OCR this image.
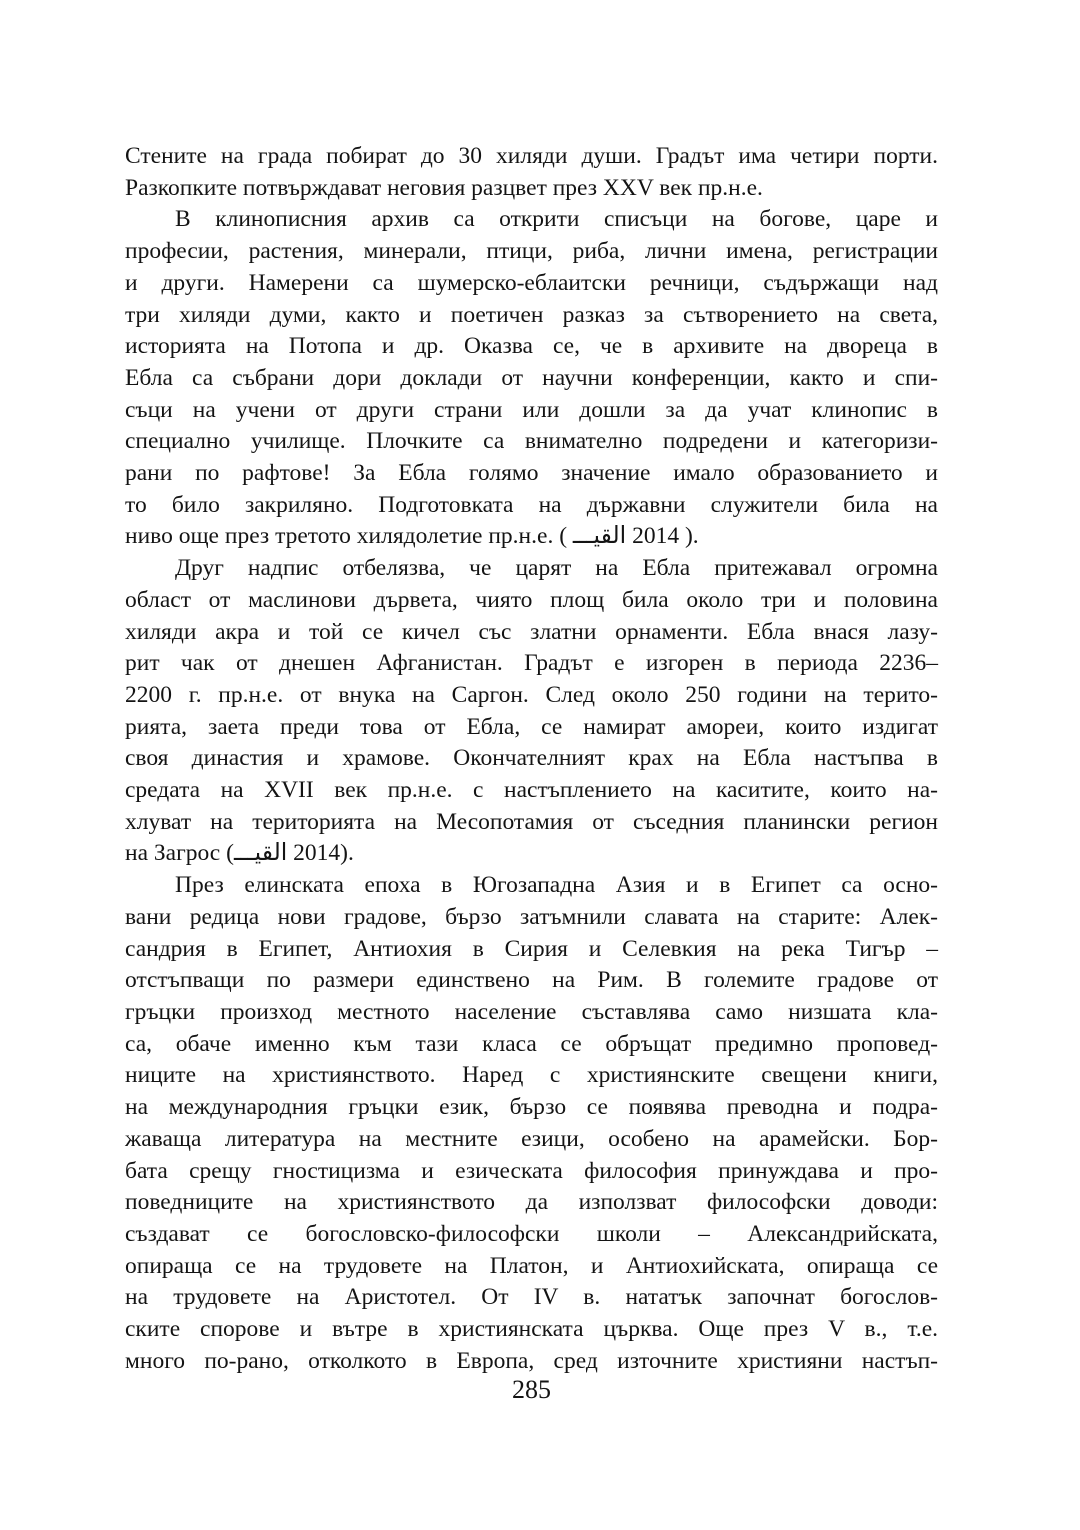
Стените на града побират до 30 хиляди души. Градът има четири порти.
Разкопките потвърждават неговия разцвет през XXV век пр.н.е.
В клинописния архив са открити списъци на богове, царе и
професии, растения, минерали, птици, риба, лични имена, регистрации
и други. Намерени са шумерско-еблаитски речници, съдържащи над
три хиляди думи, както и поетичен разказ за сътворението на света,
историята на Потопа и др. Оказва се, че в архивите на двореца в
Ебла са събрани дори доклади от научни конференции, както и спи-
съци на учени от други страни или дошли за да учат клинопис в
специално училище. Плочките са внимателно подредени и категоризи-
рани по рафтове! За Ебла голямо значение имало образованието и
то било закриляно. Подготовката на държавни служители била на
ниво още през третото хилядолетие пр.н.е. ( القيـــ‎ 2014 ).
Друг надпис отбелязва, че царят на Ебла притежавал огромна
област от маслинови дървета, чиято площ била около три и половина
хиляди акра и той се кичел със златни орнаменти. Ебла внася лазу-
рит чак от днешен Афганистан. Градът е изгорен в периода 2236–
2200 г. пр.н.е. от внука на Саргон. След около 250 години на терито-
рията, заета преди това от Ебла, се намират амореи, които издигат
своя династия и храмове. Окончателният крах на Ебла настъпва в
средата на XVII век пр.н.е. с настъплението на каситите, които на-
хлуват на територията на Месопотамия от съседния планински регион
на Загрос (القيـــ‎ 2014).
През елинската епоха в Югозападна Азия и в Египет са осно-
вани редица нови градове, бързо затъмнили славата на старите: Алек-
сандрия в Египет, Антиохия в Сирия и Селевкия на река Тигър –
отстъпващи по размери единствено на Рим. В големите градове от
гръцки произход местното население съставлява само низшата кла-
са, обаче именно към тази класа се обръщат предимно проповед-
ниците на християнството. Наред с християнските свещени книги,
на международния гръцки език, бързо се появява преводна и подра-
жаваща литература на местните езици, особено на арамейски. Бор-
бата срещу гностицизма и езическата философия принуждава и про-
поведниците на християнството да използват философски доводи:
създават се богословско-философски школи – Александрийската,
опираща се на трудовете на Платон, и Антиохийската, опираща се
на трудовете на Аристотел. От IV в. нататък започнат богослов-
ските спорове и вътре в християнската църква. Още през V в., т.е.
много по-рано, отколкото в Европа, сред източните християни настъп-
285
